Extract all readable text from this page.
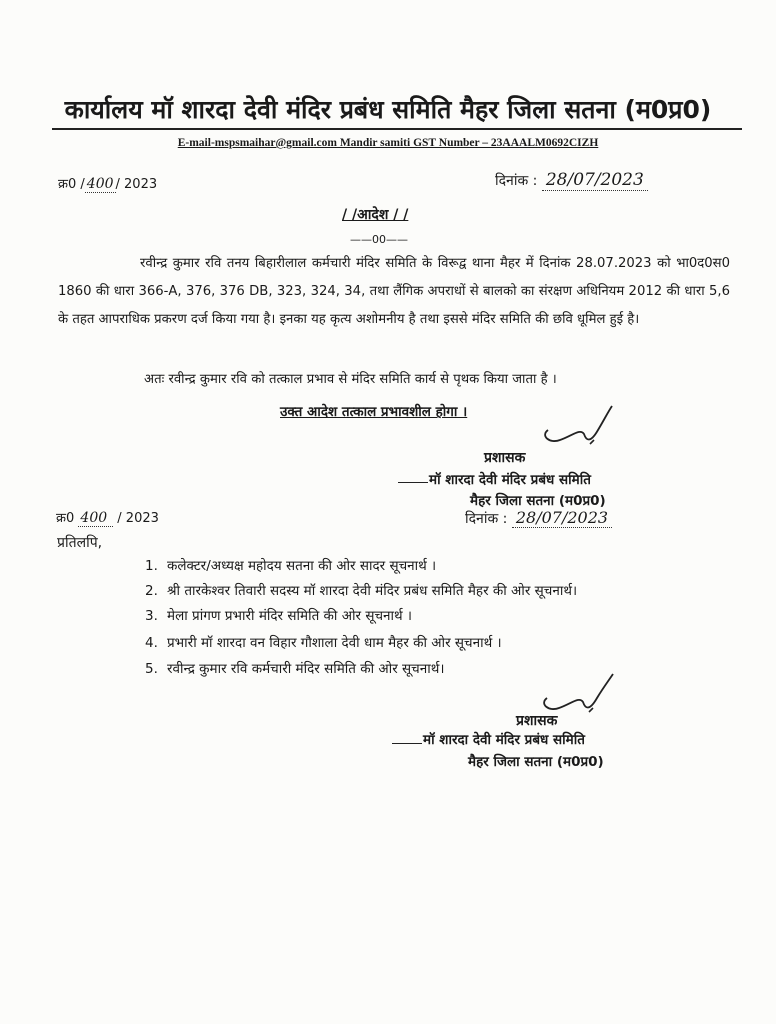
कार्यालय मॉ शारदा देवी मंदिर प्रबंध समिति मैहर जिला सतना (म0प्र0)
E-mail-mspsmaihar@gmail.com Mandir samiti GST Number – 23AAALM0692CIZH
क्र0 / 400 / 2023	दिनांक : 28/07/2023
/ /आदेश / /
——00——
रवीन्द्र कुमार रवि तनय बिहारीलाल कर्मचारी मंदिर समिति के विरूद्व थाना मैहर में दिनांक 28.07.2023 को भा0द0स0 1860 की धारा 366-A, 376, 376 DB, 323, 324, 34, तथा लैंगिक अपराधों से बालको का संरक्षण अधिनियम 2012 की धारा 5,6 के तहत आपराधिक प्रकरण दर्ज किया गया है। इनका यह कृत्य अशोमनीय है तथा इससे मंदिर समिति की छवि धूमिल हुई है।
अतः रवीन्द्र कुमार रवि को तत्काल प्रभाव से मंदिर समिति कार्य से पृथक किया जाता है ।
उक्त आदेश तत्काल प्रभावशील होगा ।
प्रशासक
मॉ शारदा देवी मंदिर प्रबंध समिति
मैहर जिला सतना (म0प्र0)
दिनांक : 28/07/2023
क्र0 400 / 2023
प्रतिलपि,
1. कलेक्टर/अध्यक्ष महोदय सतना की ओर सादर सूचनार्थ ।
2. श्री तारकेश्वर तिवारी सदस्य मॉ शारदा देवी मंदिर प्रबंध समिति मैहर की ओर सूचनार्थ।
3. मेला प्रांगण प्रभारी मंदिर समिति की ओर सूचनार्थ ।
4. प्रभारी मॉ शारदा वन विहार गौशाला देवी धाम मैहर की ओर सूचनार्थ ।
5. रवीन्द्र कुमार रवि कर्मचारी मंदिर समिति की ओर सूचनार्थ।
प्रशासक
मॉ शारदा देवी मंदिर प्रबंध समिति
मैहर जिला सतना (म0प्र0)
